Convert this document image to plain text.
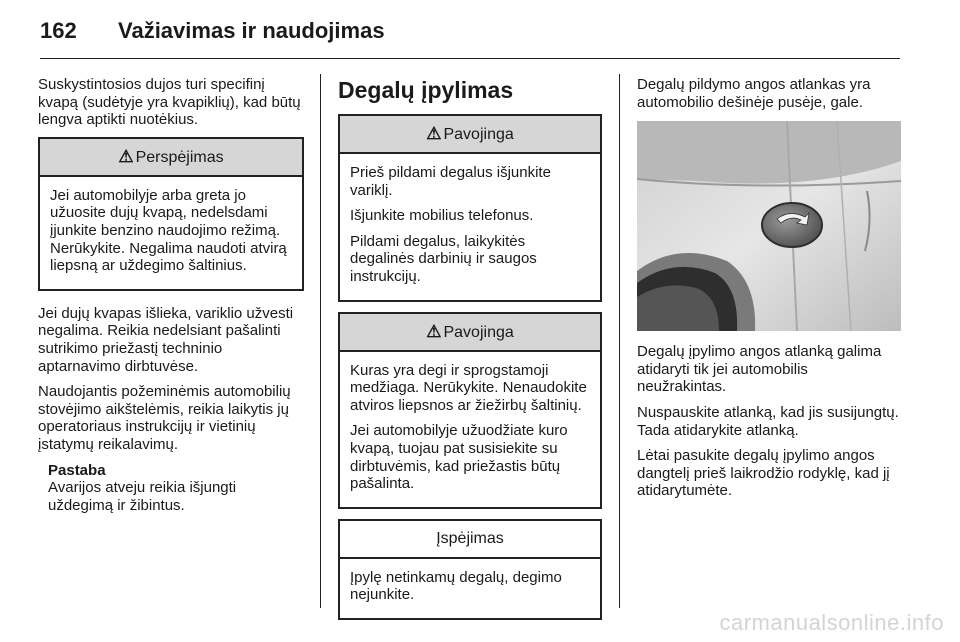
162 Važiavimas ir naudojimas

Suskystintosios dujos turi specifinį kvapą (sudėtyje yra kvapiklių), kad būtų lengva aptikti nuotėkius.

⚠ Perspėjimas

Jei automobilyje arba greta jo užuosite dujų kvapą, nedelsdami įjunkite benzino naudojimo režimą. Nerūkykite. Negalima naudoti atvirą liepsną ar uždegimo šaltinius.

Jei dujų kvapas išlieka, variklio užvesti negalima. Reikia nedelsiant pašalinti sutrikimo priežastį techninio aptarnavimo dirbtuvėse.

Naudojantis požeminėmis automobilių stovėjimo aikštelėmis, reikia laikytis jų operatoriaus instrukcijų ir vietinių įstatymų reikalavimų.

Pastaba
Avarijos atveju reikia išjungti uždegimą ir žibintus.
Degalų įpylimas
⚠ Pavojinga

Prieš pildami degalus išjunkite variklį.

Išjunkite mobilius telefonus.

Pildami degalus, laikykitės degalinės darbinių ir saugos instrukcijų.

⚠ Pavojinga

Kuras yra degi ir sprogstamoji medžiaga. Nerūkykite. Nenaudokite atviros liepsnos ar žiežirbų šaltinių.

Jei automobilyje užuodžiate kuro kvapą, tuojau pat susisiekite su dirbtuvėmis, kad priežastis būtų pašalinta.

Įspėjimas

Įpylę netinkamų degalų, degimo nejunkite.

Degalų pildymo angos atlankas yra automobilio dešinėje pusėje, gale.

Degalų įpylimo angos atlanką galima atidaryti tik jei automobilis neužrakintas.

Nuspauskite atlanką, kad jis susijungtų. Tada atidarykite atlanką.

Lėtai pasukite degalų įpylimo angos dangtelį prieš laikrodžio rodyklę, kad jį atidarytumėte.

carmanualsonline.info
